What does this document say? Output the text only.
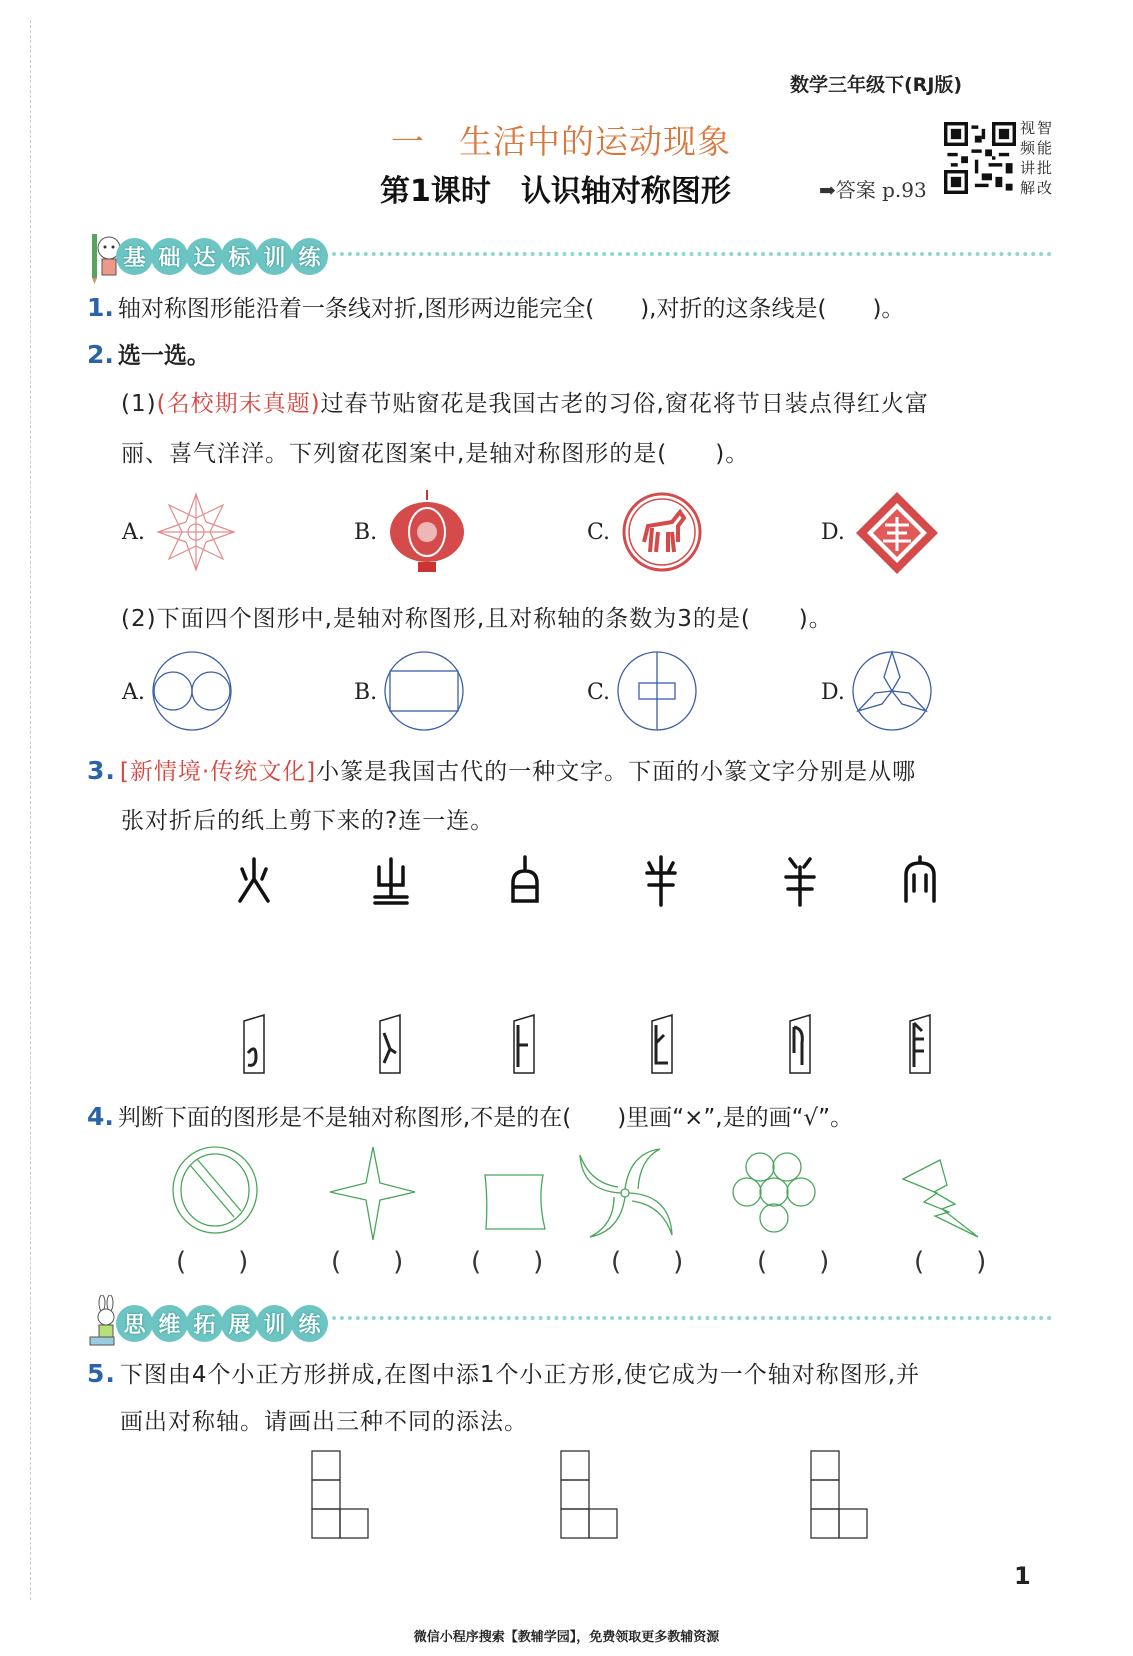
数学三年级下(RJ版)
一　生活中的运动现象
第1课时　认识轴对称图形	➡答案 p.93
视智频能讲批解改
基 础 达 标 训 练
1. 轴对称图形能沿着一条线对折,图形两边能完全(　　),对折的这条线是(　　)。
2. 选一选。
(1)(名校期末真题)过春节贴窗花是我国古老的习俗,窗花将节日装点得红火富
丽、喜气洋洋。下列窗花图案中,是轴对称图形的是(　　)。
A.	B.	C.	D.
(2)下面四个图形中,是轴对称图形,且对称轴的条数为3的是(　　)。
A.	B.	C.	D.
3. [新情境·传统文化]小篆是我国古代的一种文字。下面的小篆文字分别是从哪
张对折后的纸上剪下来的?连一连。
4. 判断下面的图形是不是轴对称图形,不是的在(　　)里画“×”,是的画“√”。
(　　)	(　　)	(　　)	(　　)	(　　)	(　　)
思 维 拓 展 训 练
5. 下图由4个小正方形拼成,在图中添1个小正方形,使它成为一个轴对称图形,并
画出对称轴。请画出三种不同的添法。
1
微信小程序搜索【教辅学园】，免费领取更多教辅资源
